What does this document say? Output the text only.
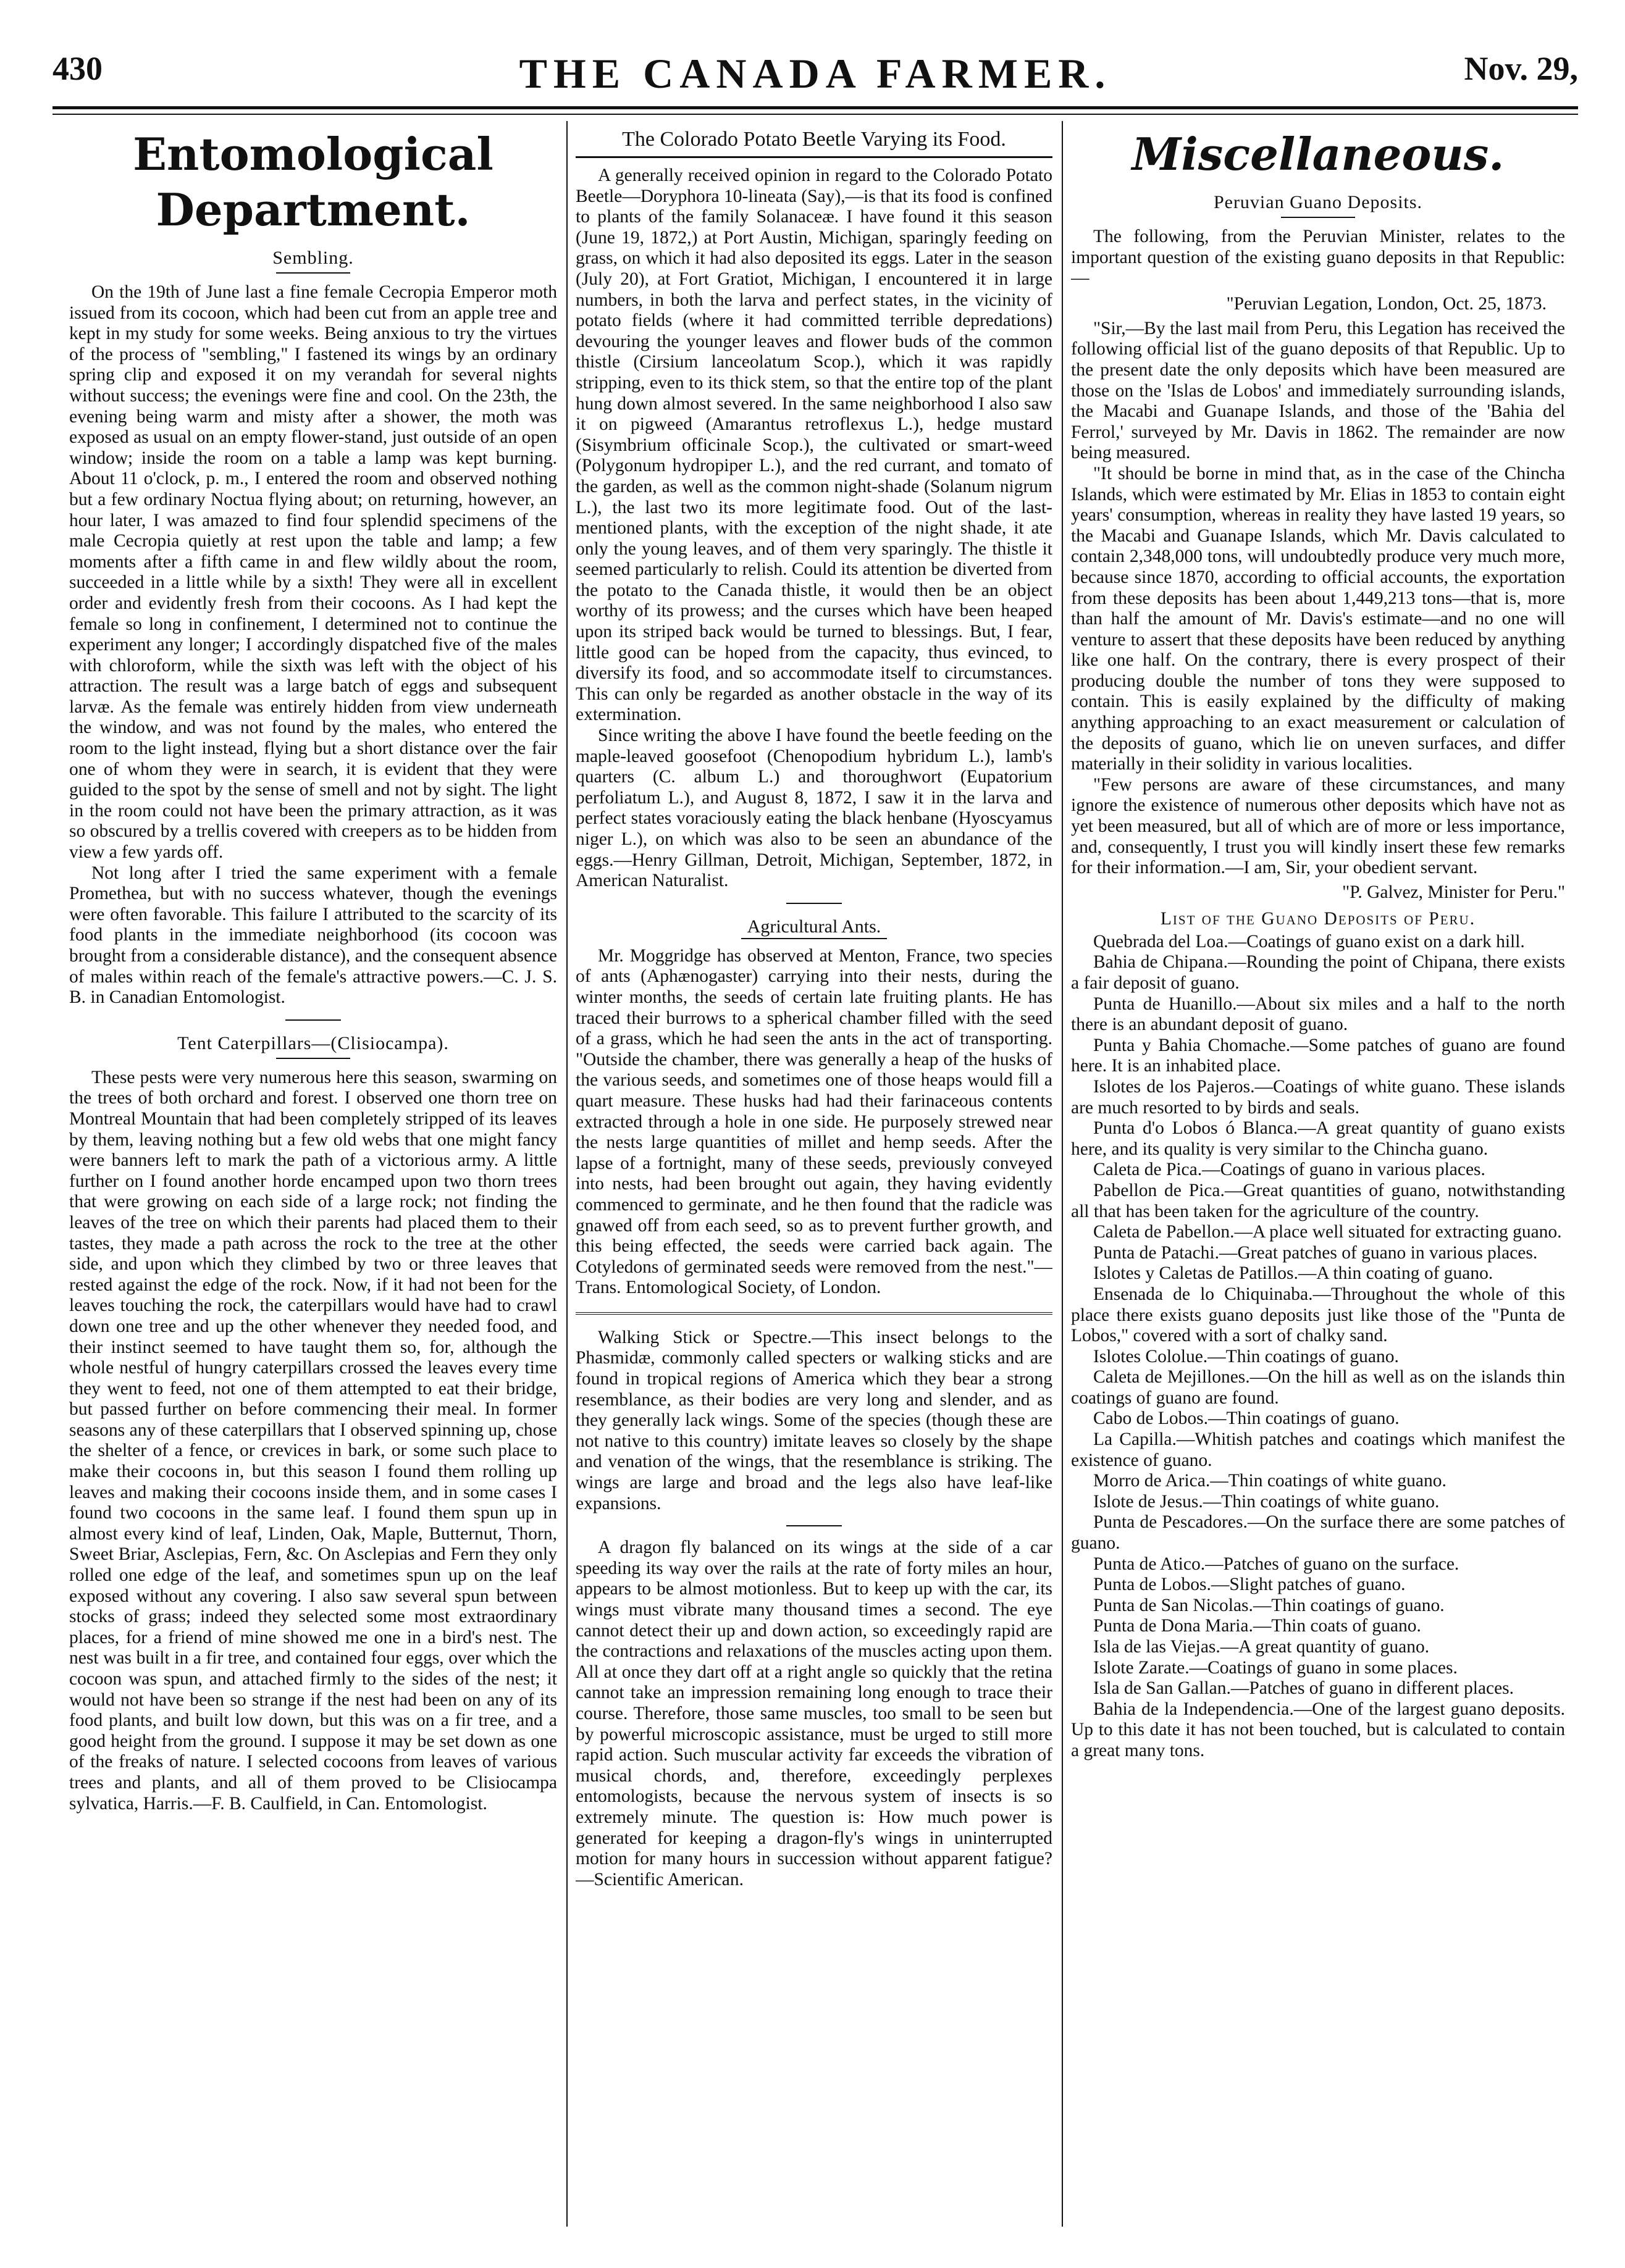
430	THE CANADA FARMER.	Nov. 29,
Entomological Department.
Sembling.

On the 19th of June last a fine female Cecropia Emperor moth issued from its cocoon, which had been cut from an apple tree and kept in my study for some weeks. Being anxious to try the virtues of the process of "sembling," I fastened its wings by an ordinary spring clip and exposed it on my verandah for several nights without success; the evenings were fine and cool. On the 23th, the evening being warm and misty after a shower, the moth was exposed as usual on an empty flower-stand, just outside of an open window; inside the room on a table a lamp was kept burning. About 11 o'clock, p. m., I entered the room and observed nothing but a few ordinary Noctua flying about; on returning, however, an hour later, I was amazed to find four splendid specimens of the male Cecropia quietly at rest upon the table and lamp; a few moments after a fifth came in and flew wildly about the room, succeeded in a little while by a sixth! They were all in excellent order and evidently fresh from their cocoons. As I had kept the female so long in confinement, I determined not to continue the experiment any longer; I accordingly dispatched five of the males with chloroform, while the sixth was left with the object of his attraction. The result was a large batch of eggs and subsequent larvæ. As the female was entirely hidden from view underneath the window, and was not found by the males, who entered the room to the light instead, flying but a short distance over the fair one of whom they were in search, it is evident that they were guided to the spot by the sense of smell and not by sight. The light in the room could not have been the primary attraction, as it was so obscured by a trellis covered with creepers as to be hidden from view a few yards off.

Not long after I tried the same experiment with a female Promethea, but with no success whatever, though the evenings were often favorable. This failure I attributed to the scarcity of its food plants in the immediate neighborhood (its cocoon was brought from a considerable distance), and the consequent absence of males within reach of the female's attractive powers.—C. J. S. B. in Canadian Entomologist.

Tent Caterpillars—(Clisiocampa).

These pests were very numerous here this season, swarming on the trees of both orchard and forest. I observed one thorn tree on Montreal Mountain that had been completely stripped of its leaves by them, leaving nothing but a few old webs that one might fancy were banners left to mark the path of a victorious army. A little further on I found another horde encamped upon two thorn trees that were growing on each side of a large rock; not finding the leaves of the tree on which their parents had placed them to their tastes, they made a path across the rock to the tree at the other side, and upon which they climbed by two or three leaves that rested against the edge of the rock. Now, if it had not been for the leaves touching the rock, the caterpillars would have had to crawl down one tree and up the other whenever they needed food, and their instinct seemed to have taught them so, for, although the whole nestful of hungry caterpillars crossed the leaves every time they went to feed, not one of them attempted to eat their bridge, but passed further on before commencing their meal. In former seasons any of these caterpillars that I observed spinning up, chose the shelter of a fence, or crevices in bark, or some such place to make their cocoons in, but this season I found them rolling up leaves and making their cocoons inside them, and in some cases I found two cocoons in the same leaf. I found them spun up in almost every kind of leaf, Linden, Oak, Maple, Butternut, Thorn, Sweet Briar, Asclepias, Fern, &c. On Asclepias and Fern they only rolled one edge of the leaf, and sometimes spun up on the leaf exposed without any covering. I also saw several spun between stocks of grass; indeed they selected some most extraordinary places, for a friend of mine showed me one in a bird's nest. The nest was built in a fir tree, and contained four eggs, over which the cocoon was spun, and attached firmly to the sides of the nest; it would not have been so strange if the nest had been on any of its food plants, and built low down, but this was on a fir tree, and a good height from the ground. I suppose it may be set down as one of the freaks of nature. I selected cocoons from leaves of various trees and plants, and all of them proved to be Clisiocampa sylvatica, Harris.—F. B. Caulfield, in Can. Entomologist.

The Colorado Potato Beetle Varying its Food.

A generally received opinion in regard to the Colorado Potato Beetle—Doryphora 10-lineata (Say),—is that its food is confined to plants of the family Solanaceæ. I have found it this season (June 19, 1872,) at Port Austin, Michigan, sparingly feeding on grass, on which it had also deposited its eggs. Later in the season (July 20), at Fort Gratiot, Michigan, I encountered it in large numbers, in both the larva and perfect states, in the vicinity of potato fields (where it had committed terrible depredations) devouring the younger leaves and flower buds of the common thistle (Cirsium lanceolatum Scop.), which it was rapidly stripping, even to its thick stem, so that the entire top of the plant hung down almost severed. In the same neighborhood I also saw it on pigweed (Amarantus retroflexus L.), hedge mustard (Sisymbrium officinale Scop.), the cultivated or smart-weed (Polygonum hydropiper L.), and the red currant, and tomato of the garden, as well as the common night-shade (Solanum nigrum L.), the last two its more legitimate food. Out of the last-mentioned plants, with the exception of the night shade, it ate only the young leaves, and of them very sparingly. The thistle it seemed particularly to relish. Could its attention be diverted from the potato to the Canada thistle, it would then be an object worthy of its prowess; and the curses which have been heaped upon its striped back would be turned to blessings. But, I fear, little good can be hoped from the capacity, thus evinced, to diversify its food, and so accommodate itself to circumstances. This can only be regarded as another obstacle in the way of its extermination.

Since writing the above I have found the beetle feeding on the maple-leaved goosefoot (Chenopodium hybridum L.), lamb's quarters (C. album L.) and thoroughwort (Eupatorium perfoliatum L.), and August 8, 1872, I saw it in the larva and perfect states voraciously eating the black henbane (Hyoscyamus niger L.), on which was also to be seen an abundance of the eggs.—Henry Gillman, Detroit, Michigan, September, 1872, in American Naturalist.

Agricultural Ants.

Mr. Moggridge has observed at Menton, France, two species of ants (Aphænogaster) carrying into their nests, during the winter months, the seeds of certain late fruiting plants. He has traced their burrows to a spherical chamber filled with the seed of a grass, which he had seen the ants in the act of transporting. "Outside the chamber, there was generally a heap of the husks of the various seeds, and sometimes one of those heaps would fill a quart measure. These husks had had their farinaceous contents extracted through a hole in one side. He purposely strewed near the nests large quantities of millet and hemp seeds. After the lapse of a fortnight, many of these seeds, previously conveyed into nests, had been brought out again, they having evidently commenced to germinate, and he then found that the radicle was gnawed off from each seed, so as to prevent further growth, and this being effected, the seeds were carried back again. The Cotyledons of germinated seeds were removed from the nest."—Trans. Entomological Society, of London.

Walking Stick or Spectre.—This insect belongs to the Phasmidæ, commonly called specters or walking sticks and are found in tropical regions of America which they bear a strong resemblance, as their bodies are very long and slender, and as they generally lack wings. Some of the species (though these are not native to this country) imitate leaves so closely by the shape and venation of the wings, that the resemblance is striking. The wings are large and broad and the legs also have leaf-like expansions.

A dragon fly balanced on its wings at the side of a car speeding its way over the rails at the rate of forty miles an hour, appears to be almost motionless. But to keep up with the car, its wings must vibrate many thousand times a second. The eye cannot detect their up and down action, so exceedingly rapid are the contractions and relaxations of the muscles acting upon them. All at once they dart off at a right angle so quickly that the retina cannot take an impression remaining long enough to trace their course. Therefore, those same muscles, too small to be seen but by powerful microscopic assistance, must be urged to still more rapid action. Such muscular activity far exceeds the vibration of musical chords, and, therefore, exceedingly perplexes entomologists, because the nervous system of insects is so extremely minute. The question is: How much power is generated for keeping a dragon-fly's wings in uninterrupted motion for many hours in succession without apparent fatigue?—Scientific American.

Miscellaneous.
Peruvian Guano Deposits.

The following, from the Peruvian Minister, relates to the important question of the existing guano deposits in that Republic:—

"Peruvian Legation, London, Oct. 25, 1873.

"Sir,—By the last mail from Peru, this Legation has received the following official list of the guano deposits of that Republic. Up to the present date the only deposits which have been measured are those on the 'Islas de Lobos' and immediately surrounding islands, the Macabi and Guanape Islands, and those of the 'Bahia del Ferrol,' surveyed by Mr. Davis in 1862. The remainder are now being measured.

"It should be borne in mind that, as in the case of the Chincha Islands, which were estimated by Mr. Elias in 1853 to contain eight years' consumption, whereas in reality they have lasted 19 years, so the Macabi and Guanape Islands, which Mr. Davis calculated to contain 2,348,000 tons, will undoubtedly produce very much more, because since 1870, according to official accounts, the exportation from these deposits has been about 1,449,213 tons—that is, more than half the amount of Mr. Davis's estimate—and no one will venture to assert that these deposits have been reduced by anything like one half. On the contrary, there is every prospect of their producing double the number of tons they were supposed to contain. This is easily explained by the difficulty of making anything approaching to an exact measurement or calculation of the deposits of guano, which lie on uneven surfaces, and differ materially in their solidity in various localities.

"Few persons are aware of these circumstances, and many ignore the existence of numerous other deposits which have not as yet been measured, but all of which are of more or less importance, and, consequently, I trust you will kindly insert these few remarks for their information.—I am, Sir, your obedient servant.

"P. Galvez, Minister for Peru."
List of the Guano Deposits of Peru.

Quebrada del Loa.—Coatings of guano exist on a dark hill.

Bahia de Chipana.—Rounding the point of Chipana, there exists a fair deposit of guano.

Punta de Huanillo.—About six miles and a half to the north there is an abundant deposit of guano.

Punta y Bahia Chomache.—Some patches of guano are found here. It is an inhabited place.

Islotes de los Pajeros.—Coatings of white guano. These islands are much resorted to by birds and seals.

Punta d'o Lobos ó Blanca.—A great quantity of guano exists here, and its quality is very similar to the Chincha guano.

Caleta de Pica.—Coatings of guano in various places.

Pabellon de Pica.—Great quantities of guano, notwithstanding all that has been taken for the agriculture of the country.

Caleta de Pabellon.—A place well situated for extracting guano.

Punta de Patachi.—Great patches of guano in various places.

Islotes y Caletas de Patillos.—A thin coating of guano.

Ensenada de lo Chiquinaba.—Throughout the whole of this place there exists guano deposits just like those of the "Punta de Lobos," covered with a sort of chalky sand.

Islotes Cololue.—Thin coatings of guano.

Caleta de Mejillones.—On the hill as well as on the islands thin coatings of guano are found.

Cabo de Lobos.—Thin coatings of guano.

La Capilla.—Whitish patches and coatings which manifest the existence of guano.

Morro de Arica.—Thin coatings of white guano.

Islote de Jesus.—Thin coatings of white guano.

Punta de Pescadores.—On the surface there are some patches of guano.

Punta de Atico.—Patches of guano on the surface.

Punta de Lobos.—Slight patches of guano.

Punta de San Nicolas.—Thin coatings of guano.

Punta de Dona Maria.—Thin coats of guano.

Isla de las Viejas.—A great quantity of guano.

Islote Zarate.—Coatings of guano in some places.

Isla de San Gallan.—Patches of guano in different places.

Bahia de la Independencia.—One of the largest guano deposits. Up to this date it has not been touched, but is calculated to contain a great many tons.
